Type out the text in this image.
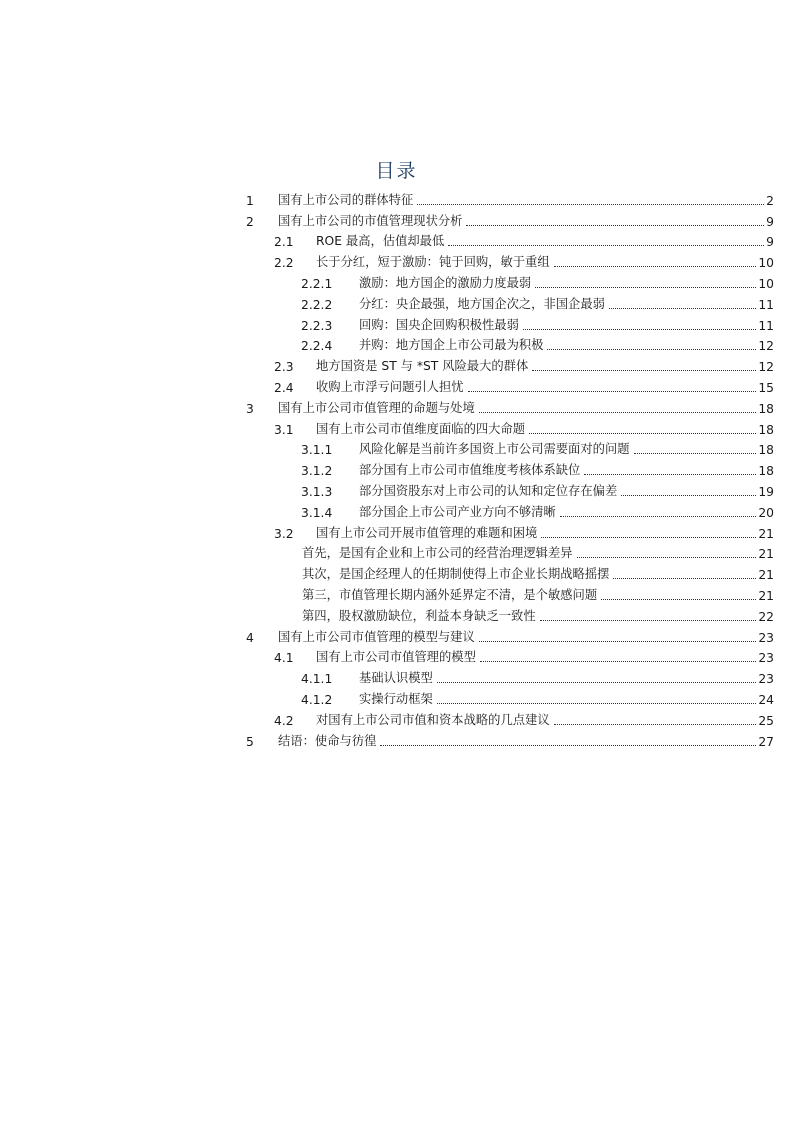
目录
1 国有上市公司的群体特征	2
2 国有上市公司的市值管理现状分析	9
2.1 ROE 最高，估值却最低	9
2.2 长于分红，短于激励：钝于回购，敏于重组	10
2.2.1 激励：地方国企的激励力度最弱	10
2.2.2 分红：央企最强，地方国企次之，非国企最弱	11
2.2.3 回购：国央企回购积极性最弱	11
2.2.4 并购：地方国企上市公司最为积极	12
2.3 地方国资是 ST 与 *ST 风险最大的群体	12
2.4 收购上市浮亏问题引人担忧	15
3 国有上市公司市值管理的命题与处境	18
3.1 国有上市公司市值维度面临的四大命题	18
3.1.1 风险化解是当前许多国资上市公司需要面对的问题	18
3.1.2 部分国有上市公司市值维度考核体系缺位	18
3.1.3 部分国资股东对上市公司的认知和定位存在偏差	19
3.1.4 部分国企上市公司产业方向不够清晰	20
3.2 国有上市公司开展市值管理的难题和困境	21
首先，是国有企业和上市公司的经营治理逻辑差异	21
其次，是国企经理人的任期制使得上市企业长期战略摇摆	21
第三，市值管理长期内涵外延界定不清，是个敏感问题	21
第四，股权激励缺位，利益本身缺乏一致性	22
4 国有上市公司市值管理的模型与建议	23
4.1 国有上市公司市值管理的模型	23
4.1.1 基础认识模型	23
4.1.2 实操行动框架	24
4.2 对国有上市公司市值和资本战略的几点建议	25
5 结语：使命与彷徨	27
